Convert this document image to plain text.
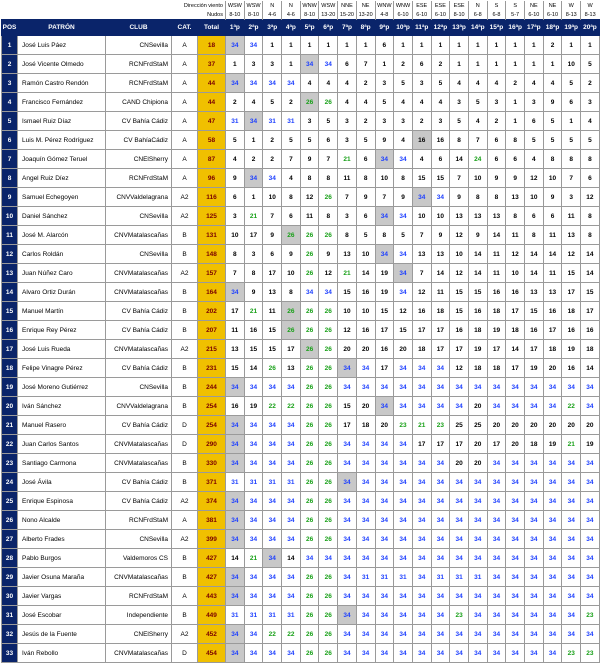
Dirección viento					WSW	WSW	N	N	WNW	WSW	NNE	NE	WNW	WNW	ESE	ESE	ESE	N	S	S	NE	NE	W	W
Nudos					8-10	8-10	4-6	4-6	8-10	13-20	15-20	13-20	4-8	6-10	6-10	6-10	8-10	6-8	6-8	5-7	6-10	6-10	8-13	8-13
POS	PATRÓN	CLUB	CAT.	Total	1ªp	2ªp	3ªp	4ªp	5ªp	6ªp	7ªp	8ªp	9ªp	10ªp	11ªp	12ªp	13ªp	14ªp	15ªp	16ªp	17ªp	18ªp	19ªp	20ªp
1	José Luis Páez	CNSevilla	A	18	34	34	1	1	1	1	1	1	6	1	1	1	1	1	1	1	1	2	1	1
2	José Vicente Olmedo	RCNFrdStaM	A	37	1	3	3	1	34	34	6	7	1	2	6	2	1	1	1	1	1	1	10	5
3	Ramón Castro Rendón	RCNFrdStaM	A	44	34	34	34	34	4	4	4	2	3	5	3	5	4	4	4	2	4	4	5	2
4	Francisco Fernández	CAND Chipiona	A	44	2	4	5	2	26	26	4	4	5	4	4	4	3	5	3	1	3	9	6	3
5	Ismael Ruiz Díaz	CV Bahía Cádiz	A	47	31	34	31	31	3	5	3	2	3	3	2	3	5	4	2	1	6	5	1	4
6	Luis M. Pérez Rodríguez	CV BahíaCádiz	A	58	5	1	2	5	5	6	3	5	9	4	16	16	8	7	6	8	5	5	5	5
7	Joaquín Gómez Teruel	CNElSherry	A	87	4	2	2	7	9	7	21	6	34	34	4	6	14	24	6	6	4	8	8	8
8	Angel Ruiz Díez	RCNFrdStaM	A	96	9	34	34	4	8	8	11	8	10	8	15	15	7	10	9	9	12	10	7	6
9	Samuel Echegoyen	CNVValdelagrana	A2	116	6	1	10	8	12	26	7	9	7	9	34	34	9	8	8	13	10	9	3	12
10	Daniel Sánchez	CNSevilla	A2	125	3	21	7	6	11	8	3	6	34	34	10	10	13	13	13	8	6	6	11	8
11	José M. Alarcón	CNVMatalascañas	B	131	10	17	9	26	26	26	8	5	8	5	7	9	12	9	14	11	8	11	13	8
12	Carlos Roldán	CNSevilla	B	148	8	3	6	9	26	9	13	10	34	34	13	13	10	14	11	12	14	14	12	14
13	Juan Núñez Caro	CNVMatalascañas	A2	157	7	8	17	10	26	12	21	14	19	34	7	14	12	14	11	10	14	11	15	14
14	Alvaro Ortiz Durán	CNVMatalascañas	B	164	34	9	13	8	34	34	15	16	19	34	12	11	15	15	16	16	13	13	17	15
15	Manuel Martín	CV Bahía Cádiz	B	202	17	21	11	26	26	26	10	10	15	12	16	18	15	16	18	17	15	16	18	17
16	Enrique Rey Pérez	CV Bahía Cádiz	B	207	11	16	15	26	26	26	12	16	17	15	17	17	16	18	19	18	16	17	16	16
17	José Luis Rueda	CNVMatalascañas	A2	215	13	15	15	17	26	26	20	20	16	20	18	17	17	19	17	14	17	18	19	18
18	Felipe Vinagre Pérez	CV Bahía Cádiz	B	231	15	14	26	13	26	26	34	34	17	34	34	34	12	18	18	17	19	20	16	14
19	José Moreno Gutiérrez	CNSevilla	B	244	34	34	34	34	26	26	34	34	34	34	34	34	34	34	34	34	34	34	34	34
20	Iván Sánchez	CNVValdelagrana	B	254	16	19	22	22	26	26	15	20	34	34	34	34	34	20	34	34	34	34	22	34
21	Manuel Rasero	CV Bahía Cádiz	D	254	34	34	34	34	26	26	17	18	20	23	21	23	25	25	20	20	20	20	20	20
22	Juan Carlos Santos	CNVMatalascañas	D	290	34	34	34	34	26	26	34	34	34	34	17	17	17	20	17	20	18	19	21	19
23	Santiago Carmona	CNVMatalascañas	B	330	34	34	34	34	26	26	34	34	34	34	34	34	20	20	34	34	34	34	34	34
24	José Ávila	CV Bahía Cádiz	B	371	31	31	31	31	26	26	34	34	34	34	34	34	34	34	34	34	34	34	34	34
25	Enrique Espinosa	CV Bahía Cádiz	A2	374	34	34	34	34	26	26	34	34	34	34	34	34	34	34	34	34	34	34	34	34
26	Nono Alcalde	RCNFrdStaM	A	381	34	34	34	34	26	26	34	34	34	34	34	34	34	34	34	34	34	34	34	34
27	Alberto Frades	CNSevilla	A2	399	34	34	34	34	26	26	34	34	34	34	34	34	34	34	34	34	34	34	34	34
28	Pablo Burgos	Valdemoros CS	B	427	14	21	34	14	34	34	34	34	34	34	34	34	34	34	34	34	34	34	34	34
29	Javier Osuna Maraña	CNVMatalascañas	B	427	34	34	34	34	26	26	34	31	31	31	34	31	31	31	34	34	34	34	34	34
30	Javier Vargas	RCNFrdStaM	A	443	34	34	34	34	26	26	34	34	34	34	34	34	34	34	34	34	34	34	34	34
31	José Escobar	Independiente	B	449	31	31	31	31	26	26	34	34	34	34	34	34	23	34	34	34	34	34	34	23
32	Jesús de la Fuente	CNElSherry	A2	452	34	34	22	22	26	26	34	34	34	34	34	34	34	34	34	34	34	34	34	34
33	Iván Rebollo	CNVMatalascañas	D	454	34	34	34	34	26	26	34	34	34	34	34	34	34	34	34	34	34	34	23	23
